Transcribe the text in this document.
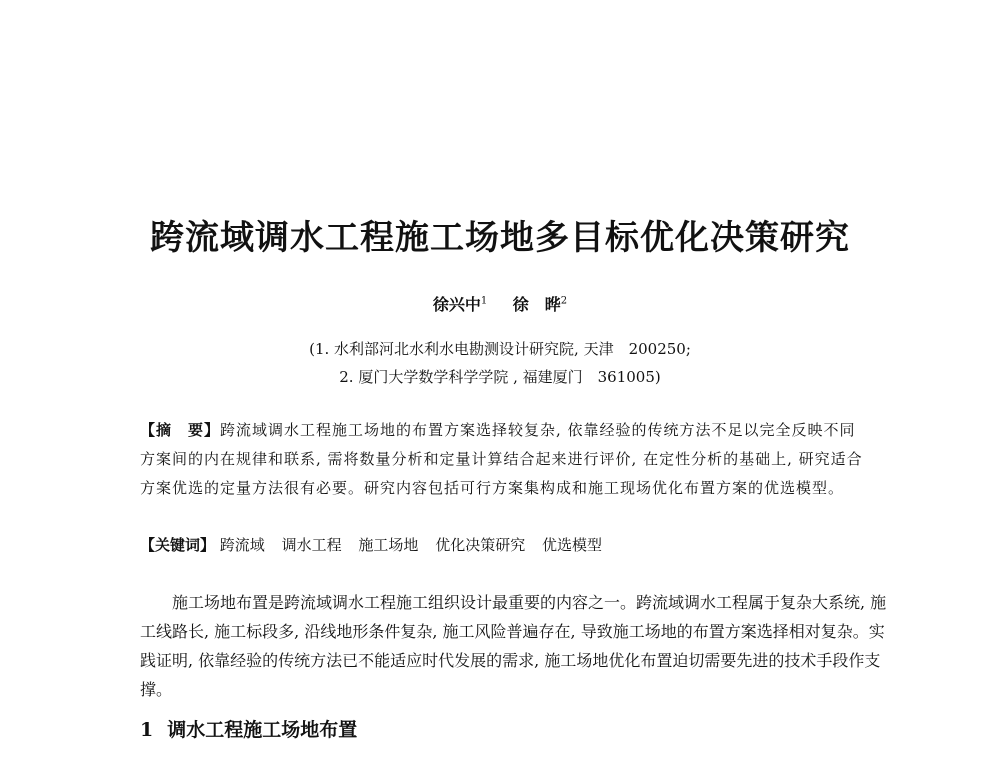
跨流域调水工程施工场地多目标优化决策研究
徐兴中$^1$ 徐　晔$^2$
(1. 水利部河北水利水电勘测设计研究院, 天津　200250;
2. 厦门大学数学科学学院 , 福建厦门　361005)
【摘　要】跨流域调水工程施工场地的布置方案选择较复杂, 依靠经验的传统方法不足以完全反映不同方案间的内在规律和联系, 需将数量分析和定量计算结合起来进行评价, 在定性分析的基础上, 研究适合方案优选的定量方法很有必要。研究内容包括可行方案集构成和施工现场优化布置方案的优选模型。
【关键词】 跨流域 调水工程 施工场地 优化决策研究 优选模型
施工场地布置是跨流域调水工程施工组织设计最重要的内容之一。跨流域调水工程属于复杂大系统, 施工线路长, 施工标段多, 沿线地形条件复杂, 施工风险普遍存在, 导致施工场地的布置方案选择相对复杂。实践证明, 依靠经验的传统方法已不能适应时代发展的需求, 施工场地优化布置迫切需要先进的技术手段作支撑。
1 调水工程施工场地布置
